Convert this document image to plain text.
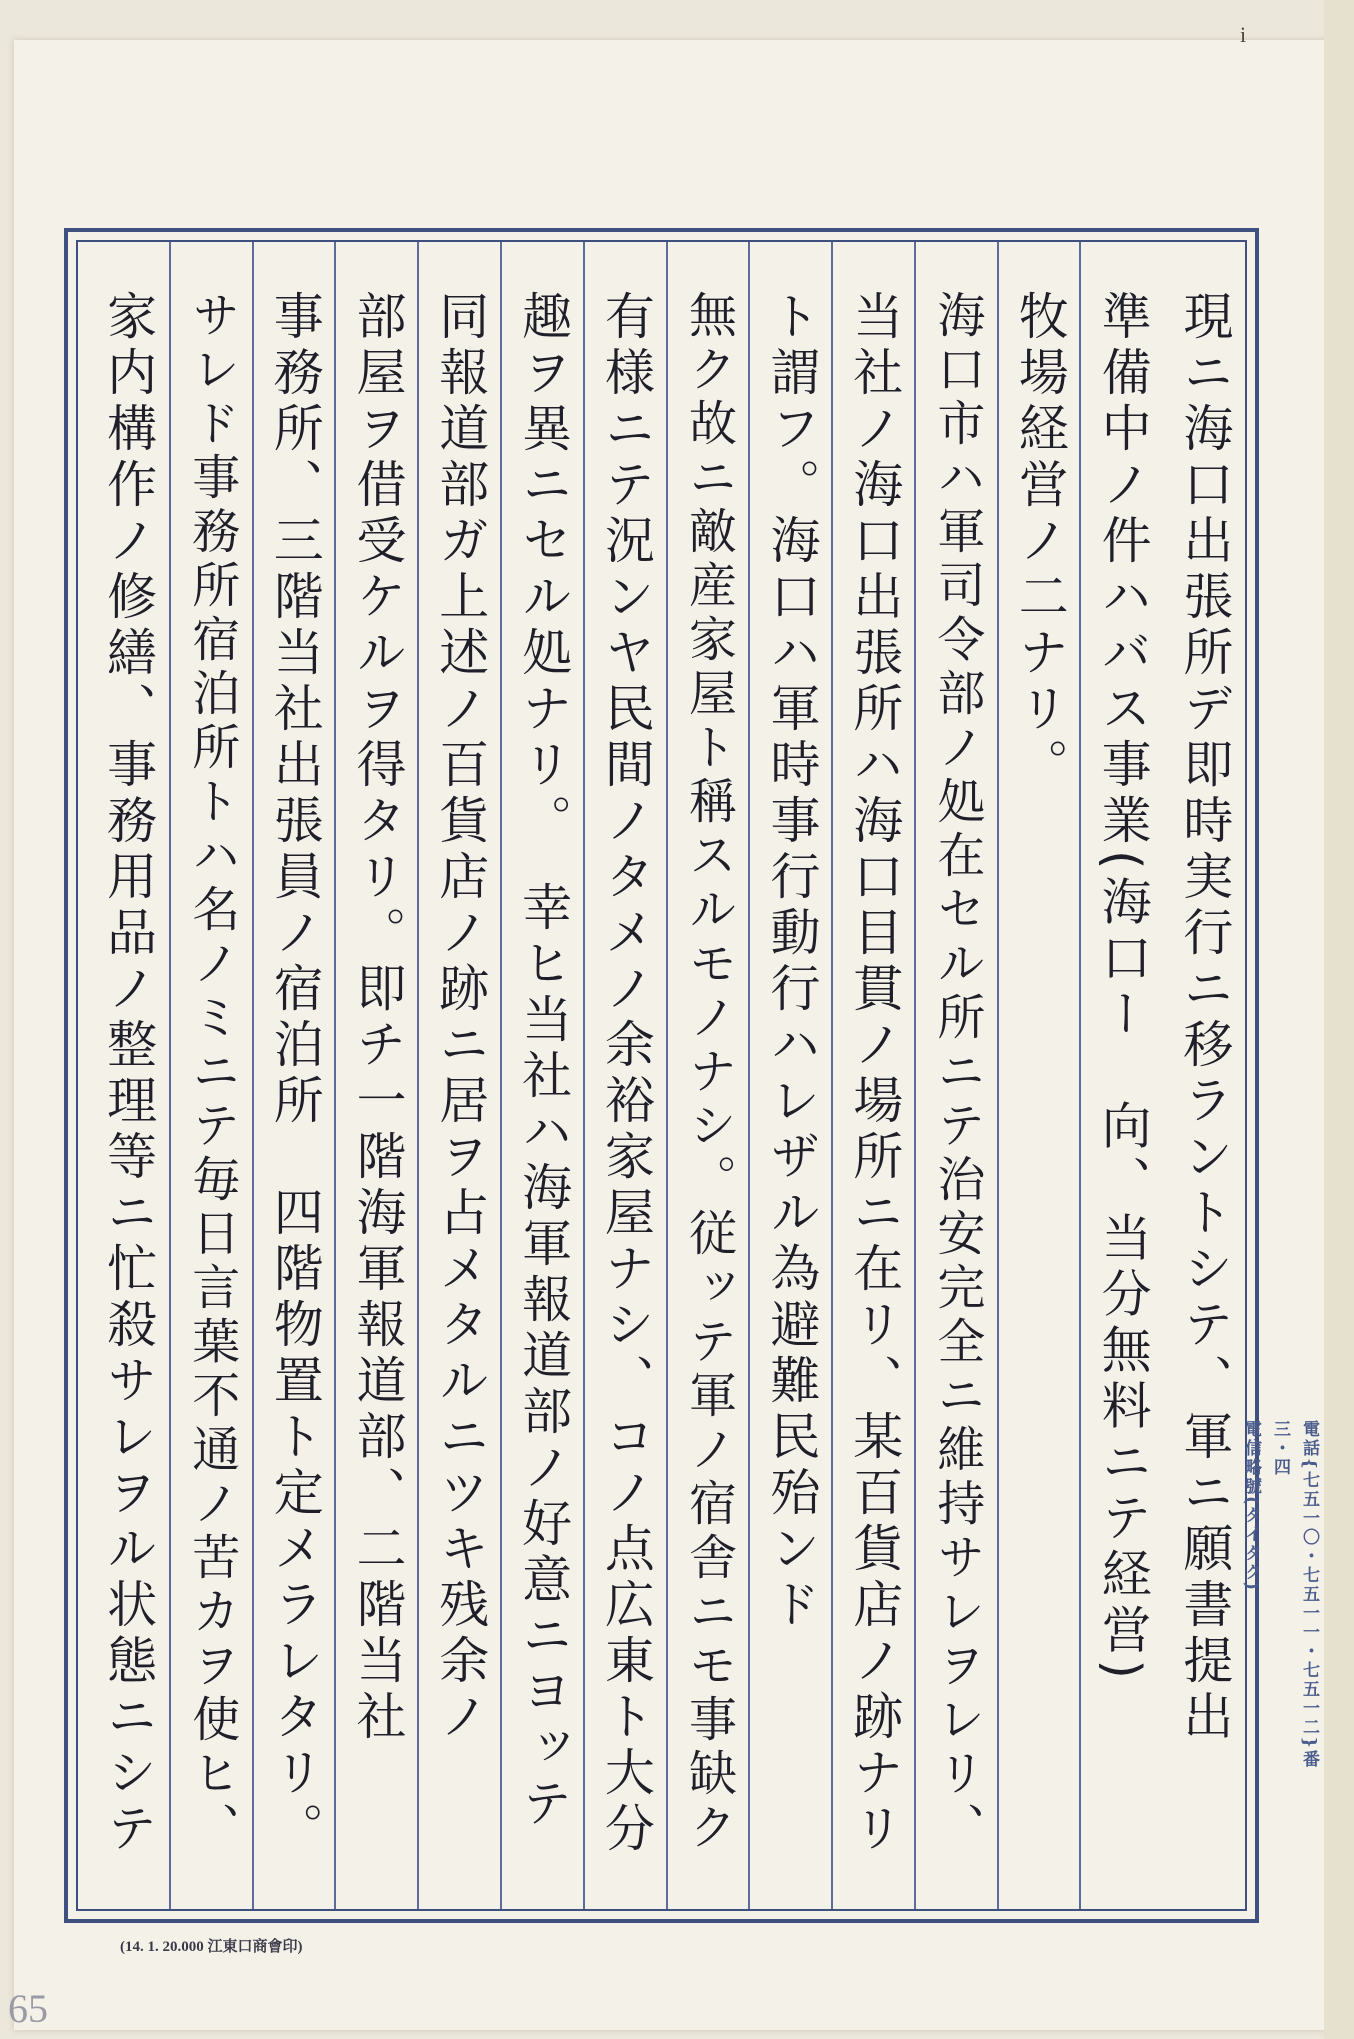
i
現ニ海口出張所デ即時実行ニ移ラントシテ、軍ニ願書提出
準備中ノ件ハバス事業(海口ー　向、当分無料ニテ経営)
牧場経営ノ二ナリ。
海口市ハ軍司令部ノ処在セル所ニテ治安完全ニ維持サレヲレリ、
当社ノ海口出張所ハ海口目貫ノ場所ニ在リ、某百貨店ノ跡ナリ
ト謂フ。海口ハ軍時事行動行ハレザル為避難民殆ンド
無ク故ニ敵産家屋ト稱スルモノナシ。従ッテ軍ノ宿舎ニモ事缺ク
有様ニテ況ンヤ民間ノタメノ余裕家屋ナシ、コノ点広東ト大分
趣ヲ異ニセル処ナリ。　幸ヒ当社ハ海軍報道部ノ好意ニヨッテ
同報道部ガ上述ノ百貨店ノ跡ニ居ヲ占メタルニツキ残余ノ
部屋ヲ借受ケルヲ得タリ。即チ一階海軍報道部、二階当社
事務所、三階当社出張員ノ宿泊所　四階物置ト定メラレタリ。
サレド事務所宿泊所トハ名ノミニテ毎日言葉不通ノ苦カヲ使ヒ、
家内構作ノ修繕、事務用品ノ整理等ニ忙殺サレヲル状態ニシテ	電話{七五一〇・七五一一・七五一二}番
三・四
電信略號(タイタク)
(14. 1. 20.000 江東口商會印)
65
